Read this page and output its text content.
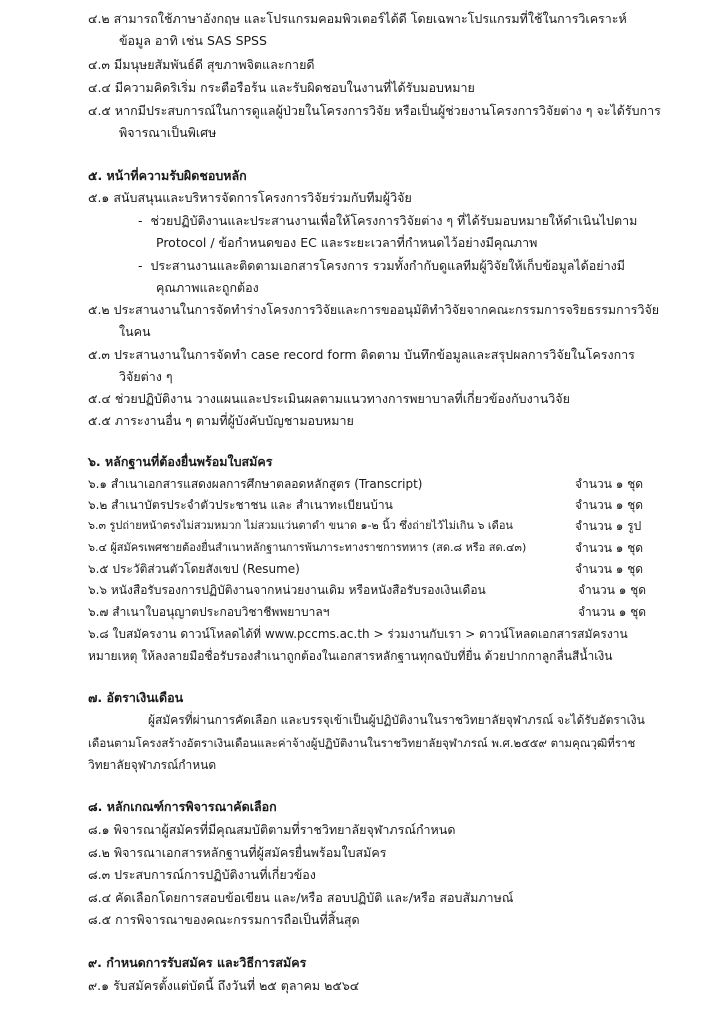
๔.๒ สามารถใช้ภาษาอังกฤษ และโปรแกรมคอมพิวเตอร์ได้ดี โดยเฉพาะโปรแกรมที่ใช้ในการวิเคราะห์
ข้อมูล อาทิ เช่น SAS SPSS
๔.๓ มีมนุษยสัมพันธ์ดี สุขภาพจิตและกายดี
๔.๔ มีความคิดริเริ่ม กระตือรือร้น และรับผิดชอบในงานที่ได้รับมอบหมาย
๔.๕ หากมีประสบการณ์ในการดูแลผู้ป่วยในโครงการวิจัย หรือเป็นผู้ช่วยงานโครงการวิจัยต่าง ๆ จะได้รับการ
พิจารณาเป็นพิเศษ
๕. หน้าที่ความรับผิดชอบหลัก
๕.๑ สนับสนุนและบริหารจัดการโครงการวิจัยร่วมกับทีมผู้วิจัย
- ช่วยปฏิบัติงานและประสานงานเพื่อให้โครงการวิจัยต่าง ๆ ที่ได้รับมอบหมายให้ดำเนินไปตาม
Protocol / ข้อกำหนดของ EC และระยะเวลาที่กำหนดไว้อย่างมีคุณภาพ
- ประสานงานและติดตามเอกสารโครงการ รวมทั้งกำกับดูแลทีมผู้วิจัยให้เก็บข้อมูลได้อย่างมี
คุณภาพและถูกต้อง
๕.๒ ประสานงานในการจัดทำร่างโครงการวิจัยและการขออนุมัติทำวิจัยจากคณะกรรมการจริยธรรมการวิจัย
ในคน
๕.๓ ประสานงานในการจัดทำ case record form ติดตาม บันทึกข้อมูลและสรุปผลการวิจัยในโครงการ
วิจัยต่าง ๆ
๕.๔ ช่วยปฏิบัติงาน วางแผนและประเมินผลตามแนวทางการพยาบาลที่เกี่ยวข้องกับงานวิจัย
๕.๕ ภาระงานอื่น ๆ ตามที่ผู้บังคับบัญชามอบหมาย
๖. หลักฐานที่ต้องยื่นพร้อมใบสมัคร
๖.๑ สำเนาเอกสารแสดงผลการศึกษาตลอดหลักสูตร (Transcript)	จำนวน ๑ ชุด
๖.๒ สำเนาบัตรประจำตัวประชาชน และ สำเนาทะเบียนบ้าน	จำนวน ๑ ชุด
๖.๓ รูปถ่ายหน้าตรงไม่สวมหมวก ไม่สวมแว่นตาดำ ขนาด ๑-๒ นิ้ว ซึ่งถ่ายไว้ไม่เกิน ๖ เดือน	จำนวน ๑ รูป
๖.๔ ผู้สมัครเพศชายต้องยื่นสำเนาหลักฐานการพ้นภาระทางราชการทหาร (สด.๘ หรือ สด.๔๓)	จำนวน ๑ ชุด
๖.๕ ประวัติส่วนตัวโดยสังเขป (Resume)	จำนวน ๑ ชุด
๖.๖ หนังสือรับรองการปฏิบัติงานจากหน่วยงานเดิม หรือหนังสือรับรองเงินเดือน	จำนวน ๑ ชุด
๖.๗ สำเนาใบอนุญาตประกอบวิชาชีพพยาบาลฯ	จำนวน ๑ ชุด
๖.๘ ใบสมัครงาน ดาวน์โหลดได้ที่ www.pccms.ac.th > ร่วมงานกับเรา > ดาวน์โหลดเอกสารสมัครงาน
หมายเหตุ ให้ลงลายมือชื่อรับรองสำเนาถูกต้องในเอกสารหลักฐานทุกฉบับที่ยื่น ด้วยปากกาลูกลื่นสีน้ำเงิน
๗. อัตราเงินเดือน
ผู้สมัครที่ผ่านการคัดเลือก และบรรจุเข้าเป็นผู้ปฏิบัติงานในราชวิทยาลัยจุฬาภรณ์ จะได้รับอัตราเงิน
เดือนตามโครงสร้างอัตราเงินเดือนและค่าจ้างผู้ปฏิบัติงานในราชวิทยาลัยจุฬาภรณ์ พ.ศ.๒๕๕๙ ตามคุณวุฒิที่ราช
วิทยาลัยจุฬาภรณ์กำหนด
๘. หลักเกณฑ์การพิจารณาคัดเลือก
๘.๑ พิจารณาผู้สมัครที่มีคุณสมบัติตามที่ราชวิทยาลัยจุฬาภรณ์กำหนด
๘.๒ พิจารณาเอกสารหลักฐานที่ผู้สมัครยื่นพร้อมใบสมัคร
๘.๓ ประสบการณ์การปฏิบัติงานที่เกี่ยวข้อง
๘.๔ คัดเลือกโดยการสอบข้อเขียน และ/หรือ สอบปฏิบัติ และ/หรือ สอบสัมภาษณ์
๘.๕ การพิจารณาของคณะกรรมการถือเป็นที่สิ้นสุด
๙. กำหนดการรับสมัคร และวิธีการสมัคร
๙.๑ รับสมัครตั้งแต่บัดนี้ ถึงวันที่ ๒๕ ตุลาคม ๒๕๖๔
